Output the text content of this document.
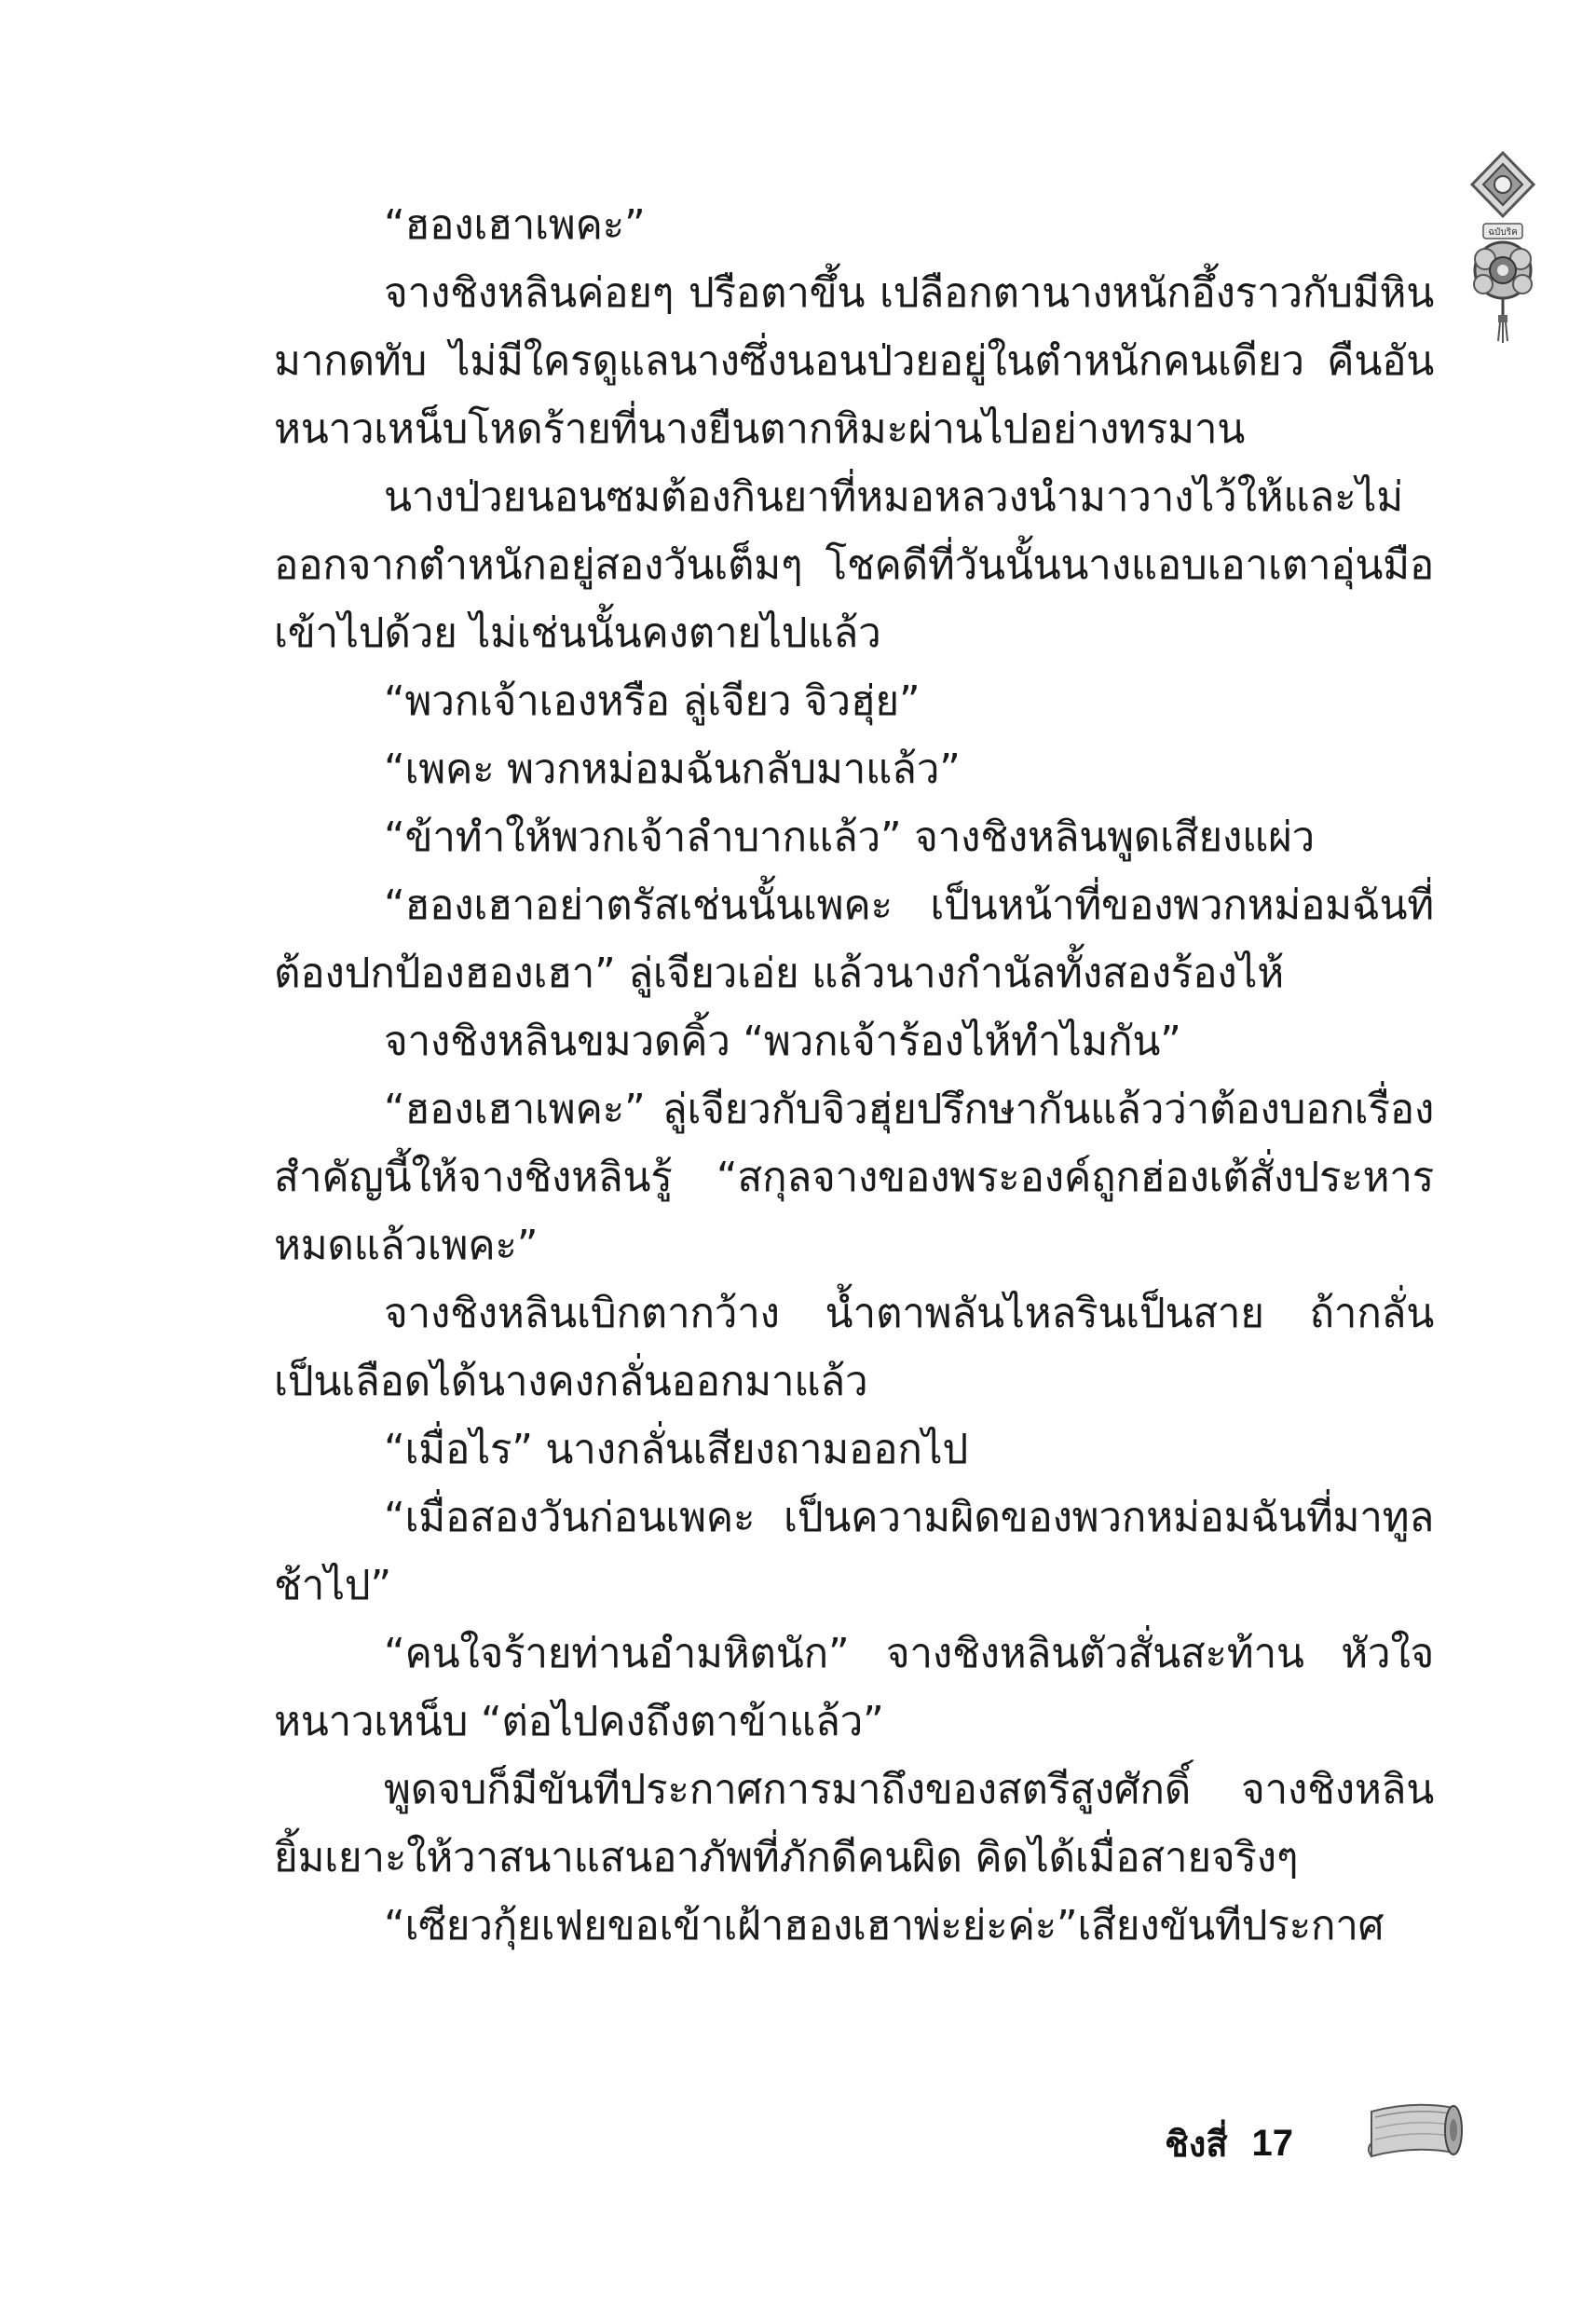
ฉบับริค

“ฮองเฮาเพคะ”

จางชิงหลินค่อยๆ ปรือตาขึ้น เปลือกตานางหนักอึ้งราวกับมีหินมากดทับ ไม่มีใครดูแลนางซึ่งนอนป่วยอยู่ในตำหนักคนเดียว คืนอันหนาวเหน็บโหดร้ายที่นางยืนตากหิมะผ่านไปอย่างทรมาน

นางป่วยนอนซมต้องกินยาที่หมอหลวงนำมาวางไว้ให้และไม่ออกจากตำหนักอยู่สองวันเต็มๆ โชคดีที่วันนั้นนางแอบเอาเตาอุ่นมือเข้าไปด้วย ไม่เช่นนั้นคงตายไปแล้ว

“พวกเจ้าเองหรือ ลู่เจียว จิวฮุ่ย”

“เพคะ พวกหม่อมฉันกลับมาแล้ว”

“ข้าทำให้พวกเจ้าลำบากแล้ว” จางชิงหลินพูดเสียงแผ่ว

“ฮองเฮาอย่าตรัสเช่นนั้นเพคะ เป็นหน้าที่ของพวกหม่อมฉันที่ต้องปกป้องฮองเฮา” ลู่เจียวเอ่ย แล้วนางกำนัลทั้งสองร้องไห้

จางชิงหลินขมวดคิ้ว “พวกเจ้าร้องไห้ทำไมกัน”

“ฮองเฮาเพคะ” ลู่เจียวกับจิวฮุ่ยปรึกษากันแล้วว่าต้องบอกเรื่องสำคัญนี้ให้จางชิงหลินรู้ “สกุลจางของพระองค์ถูกฮ่องเต้สั่งประหารหมดแล้วเพคะ”

จางชิงหลินเบิกตากว้าง น้ำตาพลันไหลรินเป็นสาย ถ้ากลั่นเป็นเลือดได้นางคงกลั่นออกมาแล้ว

“เมื่อไร” นางกลั่นเสียงถามออกไป

“เมื่อสองวันก่อนเพคะ เป็นความผิดของพวกหม่อมฉันที่มาทูลช้าไป”

“คนใจร้ายท่านอำมหิตนัก” จางชิงหลินตัวสั่นสะท้าน หัวใจหนาวเหน็บ “ต่อไปคงถึงตาข้าแล้ว”

พูดจบก็มีขันทีประกาศการมาถึงของสตรีสูงศักดิ์ จางชิงหลินยิ้มเยาะให้วาสนาแสนอาภัพที่ภักดีคนผิด คิดได้เมื่อสายจริงๆ

“เซียวกุ้ยเฟยขอเข้าเฝ้าฮองเฮาพ่ะย่ะค่ะ”เสียงขันทีประกาศ

ชิงสี่ 17
